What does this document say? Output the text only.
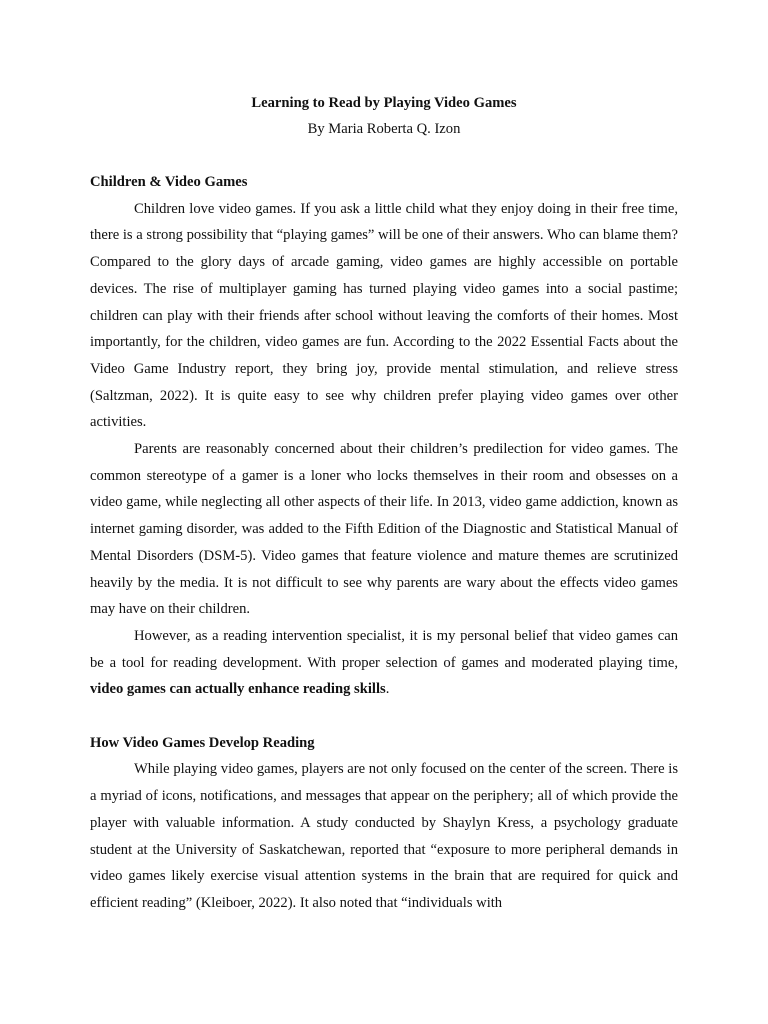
Learning to Read by Playing Video Games

By Maria Roberta Q. Izon

Children & Video Games

Children love video games. If you ask a little child what they enjoy doing in their free time, there is a strong possibility that “playing games” will be one of their answers. Who can blame them? Compared to the glory days of arcade gaming, video games are highly accessible on portable devices. The rise of multiplayer gaming has turned playing video games into a social pastime; children can play with their friends after school without leaving the comforts of their homes. Most importantly, for the children, video games are fun. According to the 2022 Essential Facts about the Video Game Industry report, they bring joy, provide mental stimulation, and relieve stress (Saltzman, 2022). It is quite easy to see why children prefer playing video games over other activities.

Parents are reasonably concerned about their children’s predilection for video games. The common stereotype of a gamer is a loner who locks themselves in their room and obsesses on a video game, while neglecting all other aspects of their life. In 2013, video game addiction, known as internet gaming disorder, was added to the Fifth Edition of the Diagnostic and Statistical Manual of Mental Disorders (DSM-5). Video games that feature violence and mature themes are scrutinized heavily by the media. It is not difficult to see why parents are wary about the effects video games may have on their children.

However, as a reading intervention specialist, it is my personal belief that video games can be a tool for reading development. With proper selection of games and moderated playing time, video games can actually enhance reading skills.

How Video Games Develop Reading

While playing video games, players are not only focused on the center of the screen. There is a myriad of icons, notifications, and messages that appear on the periphery; all of which provide the player with valuable information. A study conducted by Shaylyn Kress, a psychology graduate student at the University of Saskatchewan, reported that “exposure to more peripheral demands in video games likely exercise visual attention systems in the brain that are required for quick and efficient reading” (Kleiboer, 2022). It also noted that “individuals with
